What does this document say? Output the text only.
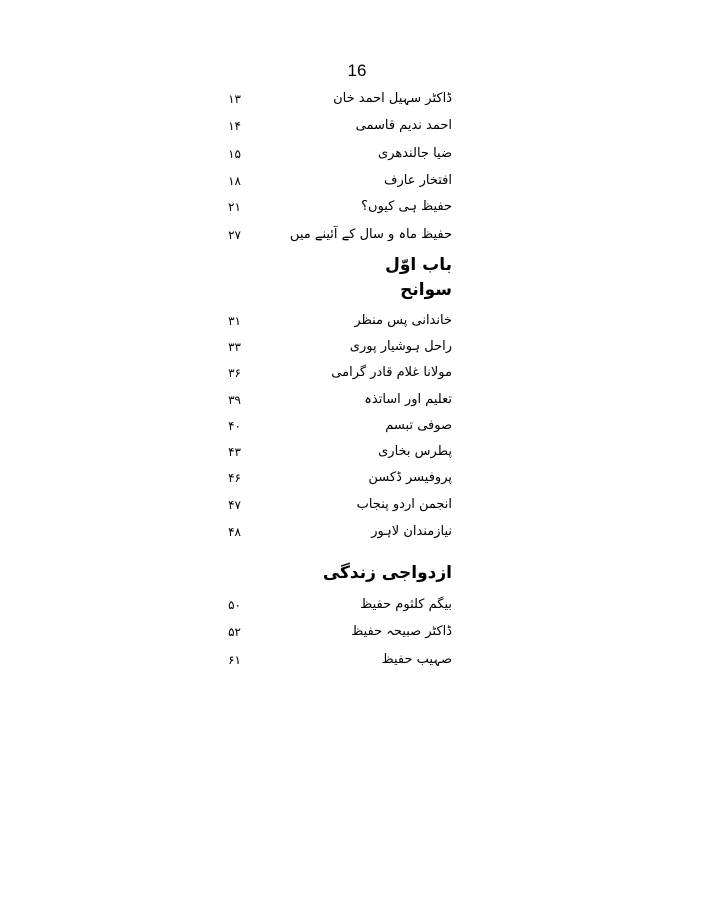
16
ڈاکٹر سہیل احمد خان
۱۳
احمد ندیم قاسمی
۱۴
ضیا جالندھری
۱۵
افتخار عارف
۱۸
حفیظ ہی کیوں؟
۲۱
حفیظ ماہ و سال کے آئینے میں
۲۷
باب اوّل
سوانح
خاندانی پس منظر
۳۱
راحل ہوشیار پوری
۳۳
مولانا غلام قادر گرامی
۳۶
تعلیم اور اساتذہ
۳۹
صوفی تبسم
۴۰
پطرس بخاری
۴۳
پروفیسر ڈکسن
۴۶
انجمن اردو پنجاب
۴۷
نیازمندان لاہور
۴۸
ازدواجی زندگی
بیگم کلثوم حفیظ
۵۰
ڈاکٹر صبیحہ حفیظ
۵۲
صہیب حفیظ
۶۱
